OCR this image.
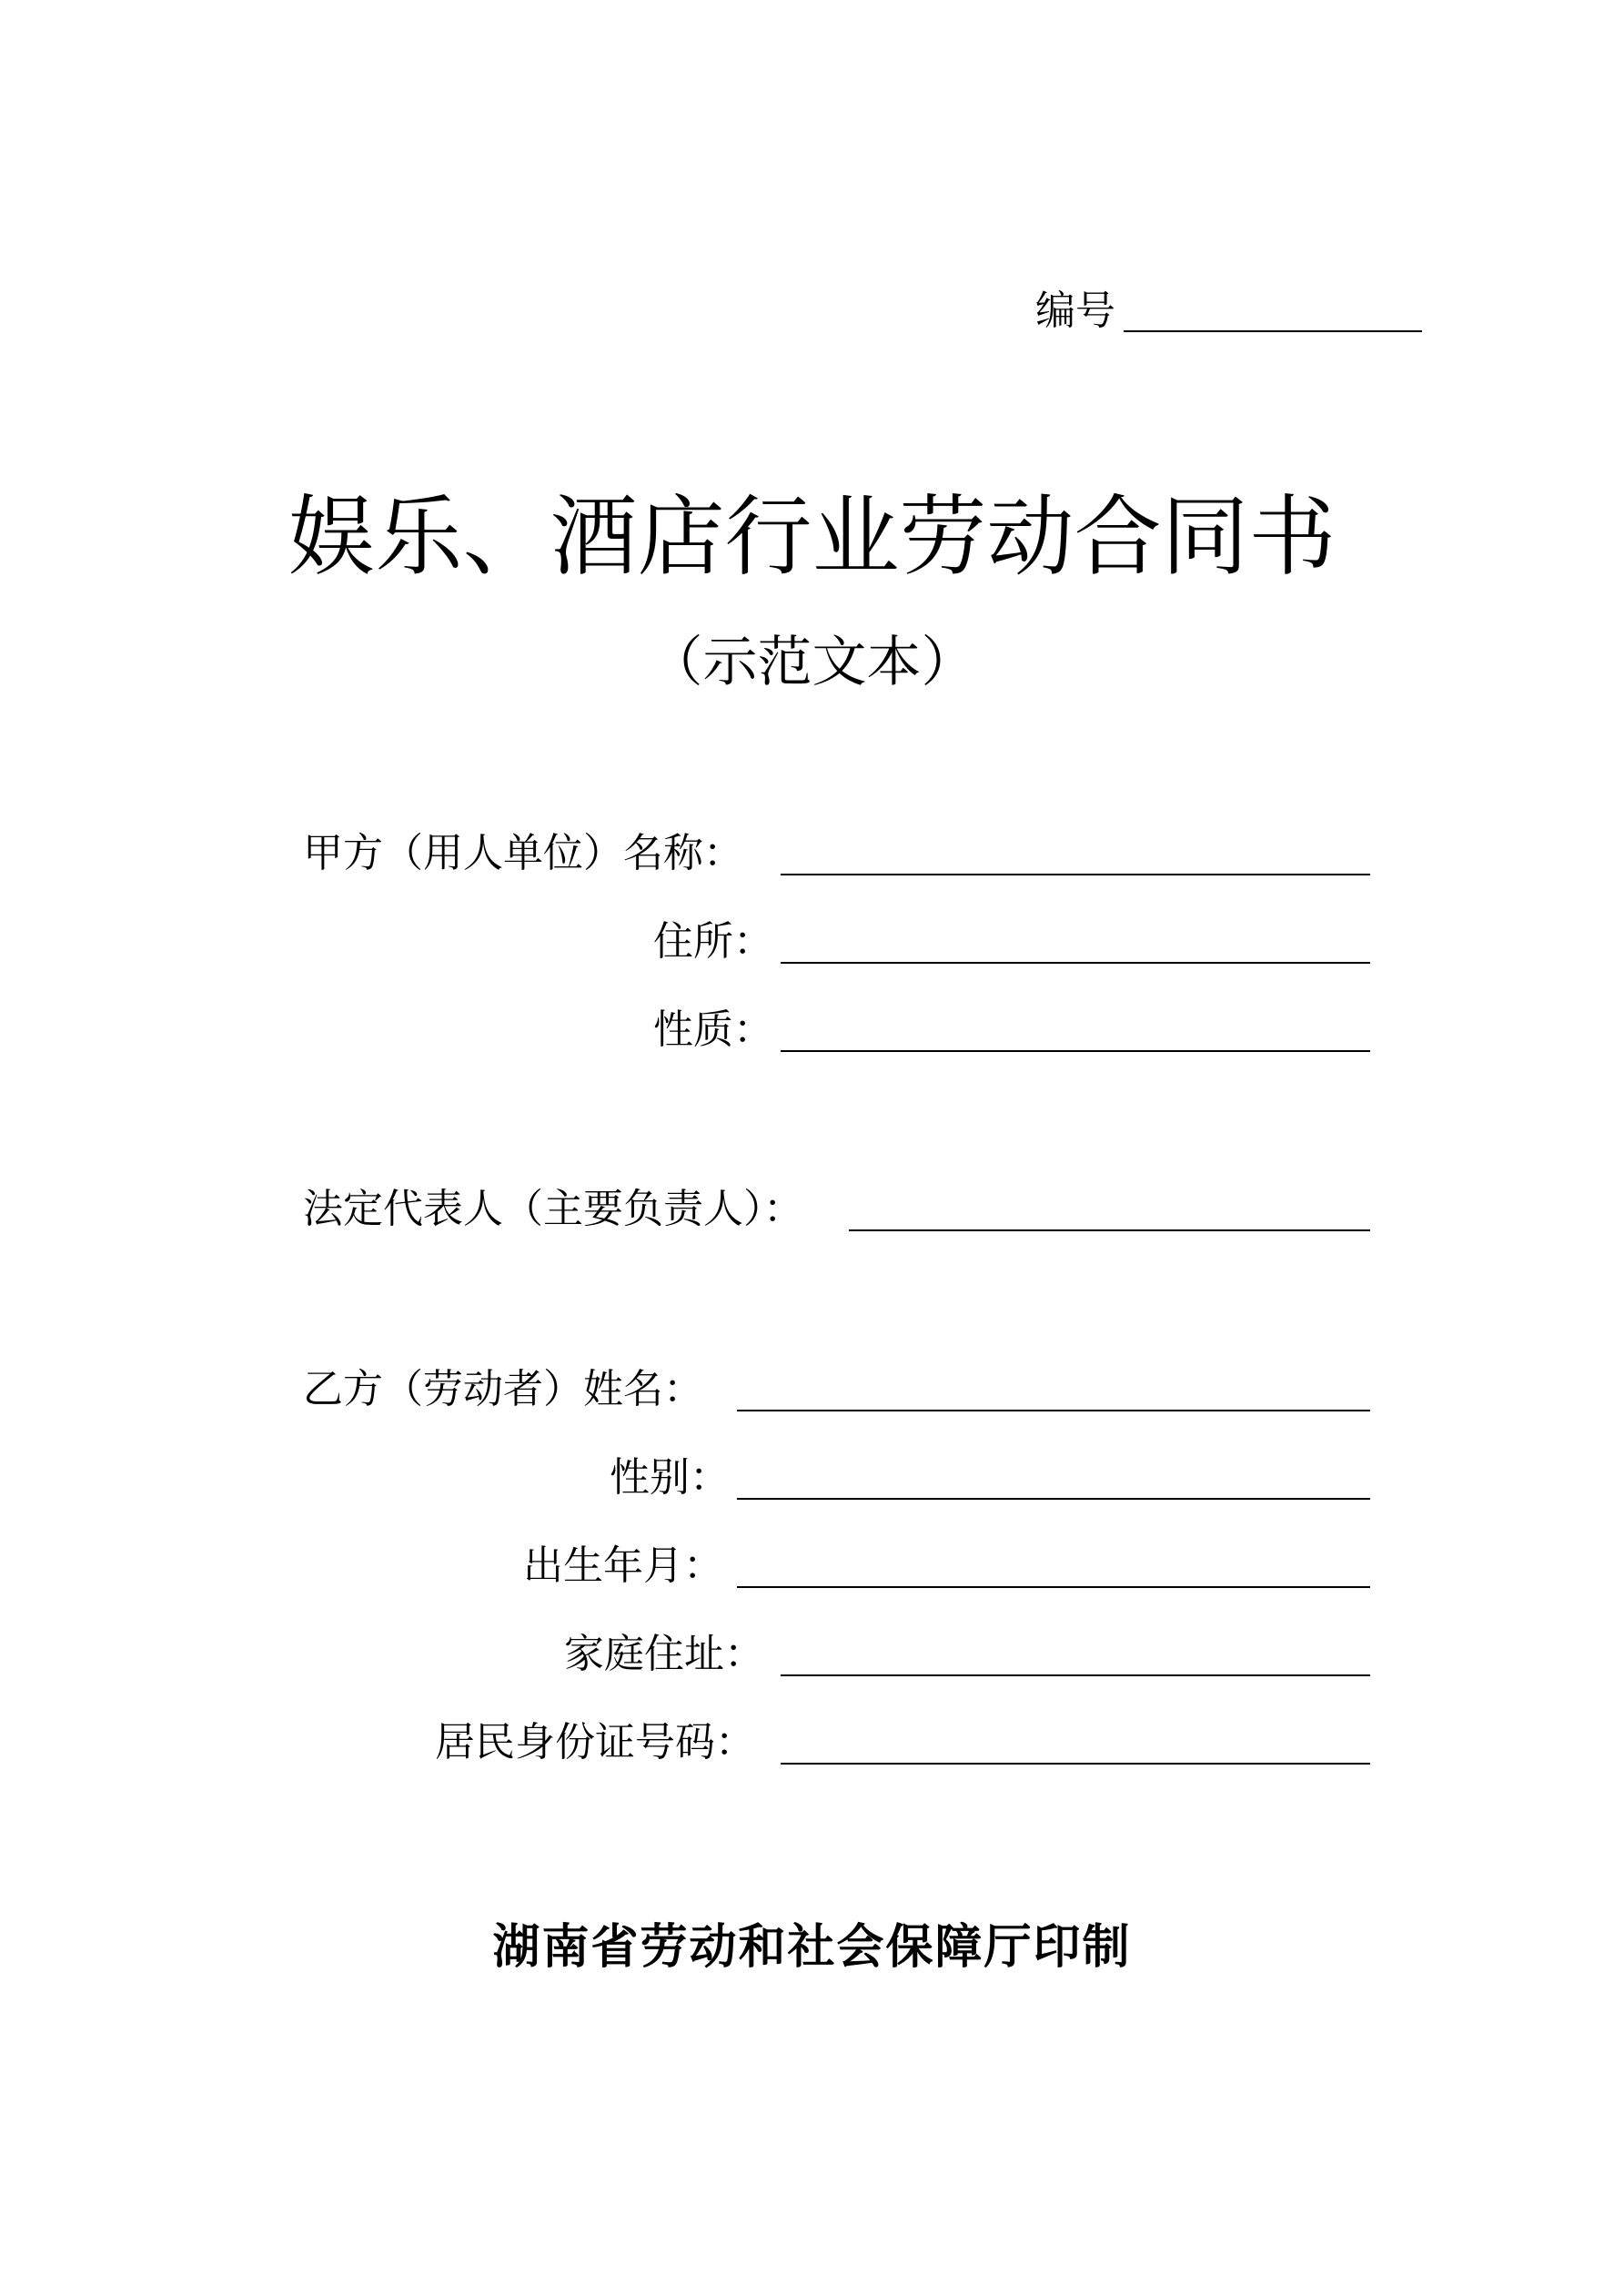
编号
娱乐、酒店行业劳动合同书
（示范文本）
甲方（用人单位）名称：
住所：
性质：
法定代表人（主要负责人）：
乙方（劳动者）姓名：
性别：
出生年月：
家庭住址：
居民身份证号码：
湖南省劳动和社会保障厅印制
